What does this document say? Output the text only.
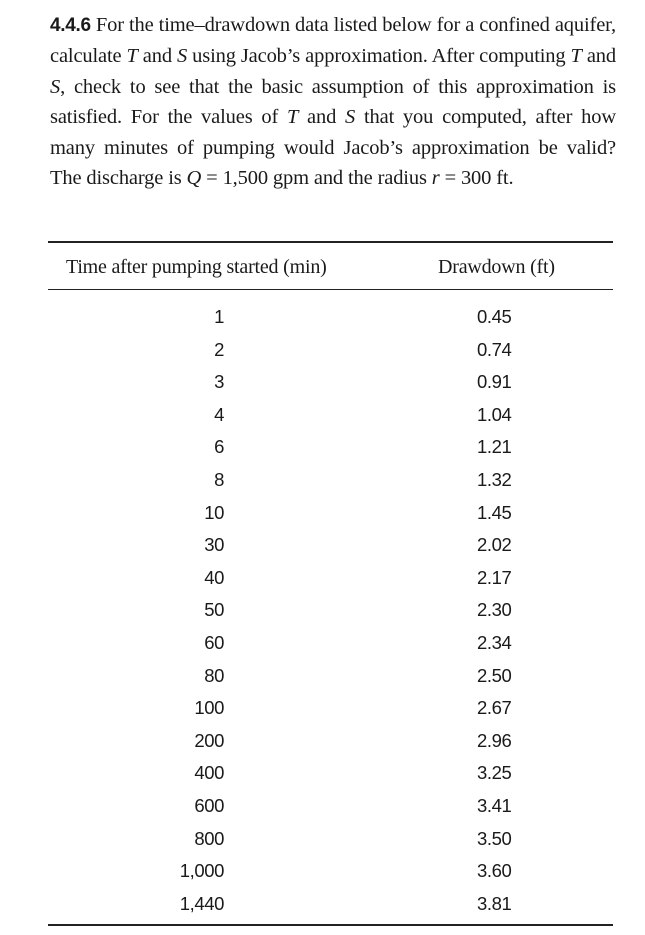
4.4.6 For the time–drawdown data listed below for a confined aquifer, calculate T and S using Jacob’s approximation. After computing T and S, check to see that the basic assumption of this approximation is satisfied. For the values of T and S that you computed, after how many minutes of pumping would Jacob’s approximation be valid? The discharge is Q = 1,500 gpm and the radius r = 300 ft.

Time after pumping started (min)	Drawdown (ft)
1	0.45
2	0.74
3	0.91
4	1.04
6	1.21
8	1.32
10	1.45
30	2.02
40	2.17
50	2.30
60	2.34
80	2.50
100	2.67
200	2.96
400	3.25
600	3.41
800	3.50
1,000	3.60
1,440	3.81
